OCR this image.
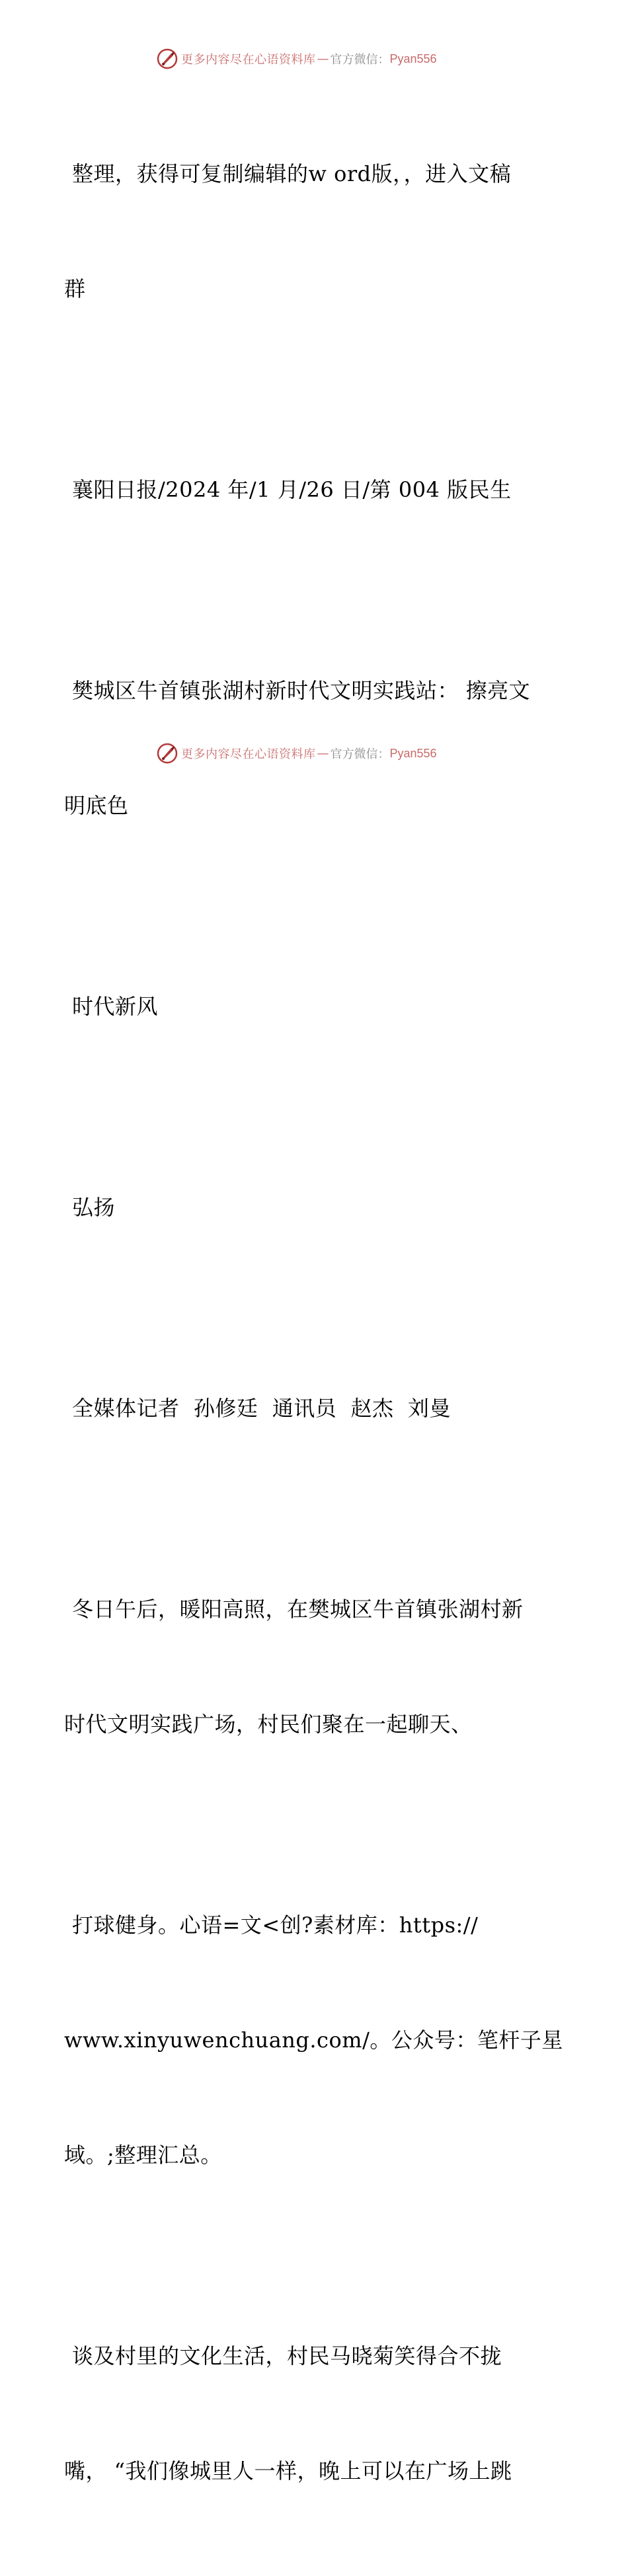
更多内容尽在心语资料库 — 官方微信： Pyan556

整理，获得可复制编辑的w ord版，，进入文稿

群

襄阳日报/2024 年/1 月/26 日/第 004 版民生

樊城区牛首镇张湖村新时代文明实践站： 擦亮文

明底色

时代新风

弘扬

全媒体记者  孙修廷  通讯员  赵杰  刘曼

冬日午后，暖阳高照，在樊城区牛首镇张湖村新

时代文明实践广场，村民们聚在一起聊天、

打球健身。心语=文<创?素材库：https://

www.xinyuwenchuang.com/。公众号：笔杆子星

域。;整理汇总。

谈及村里的文化生活，村民马晓菊笑得合不拢

嘴， “我们像城里人一样，晚上可以在广场上跳

更多内容尽在心语资料库 — 官方微信： Pyan556
